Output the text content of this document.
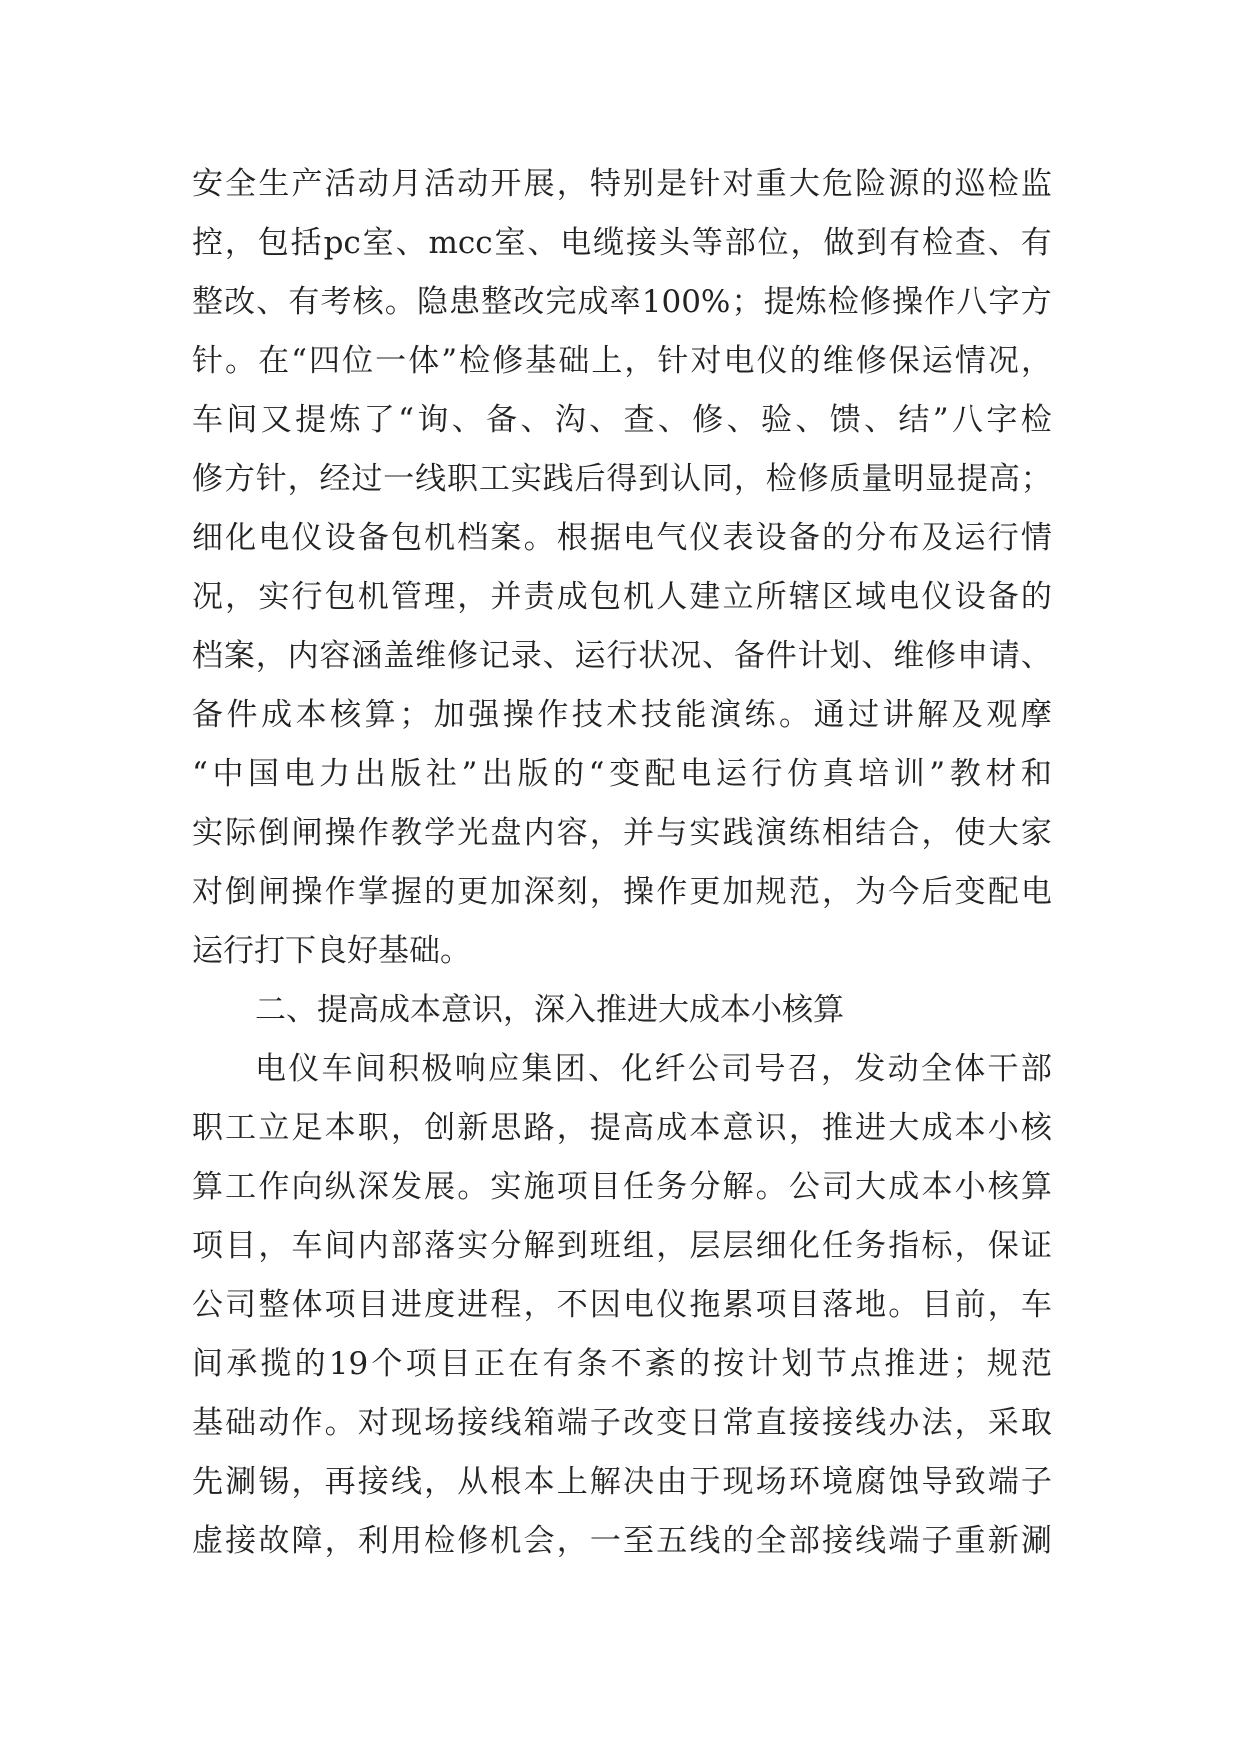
安 全 生 产 活 动 月 活 动 开 展 ， 特 别 是 针 对 重 大 危 险 源 的 巡 检 监
控 ， 包 括 pc 室 、 mcc 室 、 电 缆 接 头 等 部 位 ， 做 到 有 检 查 、 有
整 改 、 有 考 核 。 隐 患 整 改 完 成 率 100% ； 提 炼 检 修 操 作 八 字 方
针 。 在 “ 四 位 一 体 ” 检 修 基 础 上 ， 针 对 电 仪 的 维 修 保 运 情 况 ，
车 间 又 提 炼 了 “ 询 、 备 、 沟 、 查 、 修 、 验 、 馈 、 结 ” 八 字 检
修 方 针 ， 经 过 一 线 职 工 实 践 后 得 到 认 同 ， 检 修 质 量 明 显 提 高 ；
细 化 电 仪 设 备 包 机 档 案 。 根 据 电 气 仪 表 设 备 的 分 布 及 运 行 情
况 ， 实 行 包 机 管 理 ， 并 责 成 包 机 人 建 立 所 辖 区 域 电 仪 设 备 的
档 案 ， 内 容 涵 盖 维 修 记 录 、 运 行 状 况 、 备 件 计 划 、 维 修 申 请 、
备 件 成 本 核 算 ； 加 强 操 作 技 术 技 能 演 练 。 通 过 讲 解 及 观 摩
“ 中 国 电 力 出 版 社 ” 出 版 的 “ 变 配 电 运 行 仿 真 培 训 ” 教 材 和
实 际 倒 闸 操 作 教 学 光 盘 内 容 ， 并 与 实 践 演 练 相 结 合 ， 使 大 家
对 倒 闸 操 作 掌 握 的 更 加 深 刻 ， 操 作 更 加 规 范 ， 为 今 后 变 配 电
运行打下良好基础。
二、提高成本意识，深入推进大成本小核算
电 仪 车 间 积 极 响 应 集 团 、 化 纤 公 司 号 召 ， 发 动 全 体 干 部
职 工 立 足 本 职 ， 创 新 思 路 ， 提 高 成 本 意 识 ， 推 进 大 成 本 小 核
算 工 作 向 纵 深 发 展 。 实 施 项 目 任 务 分 解 。 公 司 大 成 本 小 核 算
项 目 ， 车 间 内 部 落 实 分 解 到 班 组 ， 层 层 细 化 任 务 指 标 ， 保 证
公 司 整 体 项 目 进 度 进 程 ， 不 因 电 仪 拖 累 项 目 落 地 。 目 前 ， 车
间 承 揽 的 19 个 项 目 正 在 有 条 不 紊 的 按 计 划 节 点 推 进 ； 规 范
基 础 动 作 。 对 现 场 接 线 箱 端 子 改 变 日 常 直 接 接 线 办 法 ， 采 取
先 涮 锡 ， 再 接 线 ， 从 根 本 上 解 决 由 于 现 场 环 境 腐 蚀 导 致 端 子
虚 接 故 障 ， 利 用 检 修 机 会 ， 一 至 五 线 的 全 部 接 线 端 子 重 新 涮
